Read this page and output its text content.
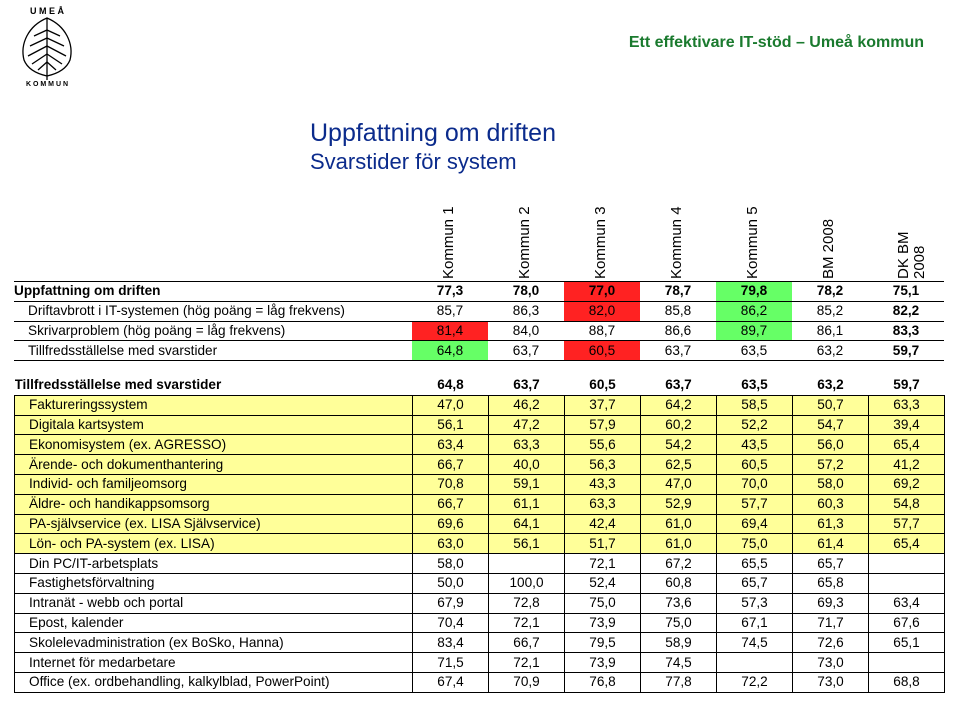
U M E Å
K O M M U N
Ett effektivare IT-stöd – Umeå kommun
Uppfattning om driften
Svarstider för system
Kommun 1	Kommun 2	Kommun 3	Kommun 4	Kommun 5	BM 2008	DK BM 2008
Uppfattning om driften	77,3	78,0	77,0	78,7	79,8	78,2	75,1
Driftavbrott i IT-systemen (hög poäng = låg frekvens)	85,7	86,3	82,0	85,8	86,2	85,2	82,2
Skrivarproblem (hög poäng = låg frekvens)	81,4	84,0	88,7	86,6	89,7	86,1	83,3
Tillfredsställelse med svarstider	64,8	63,7	60,5	63,7	63,5	63,2	59,7
Tillfredsställelse med svarstider	64,8	63,7	60,5	63,7	63,5	63,2	59,7
Faktureringssystem	47,0	46,2	37,7	64,2	58,5	50,7	63,3
Digitala kartsystem	56,1	47,2	57,9	60,2	52,2	54,7	39,4
Ekonomisystem (ex. AGRESSO)	63,4	63,3	55,6	54,2	43,5	56,0	65,4
Ärende- och dokumenthantering	66,7	40,0	56,3	62,5	60,5	57,2	41,2
Individ- och familjeomsorg	70,8	59,1	43,3	47,0	70,0	58,0	69,2
Äldre- och handikappsomsorg	66,7	61,1	63,3	52,9	57,7	60,3	54,8
PA-självservice (ex. LISA Självservice)	69,6	64,1	42,4	61,0	69,4	61,3	57,7
Lön- och PA-system (ex. LISA)	63,0	56,1	51,7	61,0	75,0	61,4	65,4
Din PC/IT-arbetsplats	58,0		72,1	67,2	65,5	65,7	
Fastighetsförvaltning	50,0	100,0	52,4	60,8	65,7	65,8	
Intranät - webb och portal	67,9	72,8	75,0	73,6	57,3	69,3	63,4
Epost, kalender	70,4	72,1	73,9	75,0	67,1	71,7	67,6
Skolelevadministration (ex BoSko, Hanna)	83,4	66,7	79,5	58,9	74,5	72,6	65,1
Internet för medarbetare	71,5	72,1	73,9	74,5		73,0	
Office (ex. ordbehandling, kalkylblad, PowerPoint)	67,4	70,9	76,8	77,8	72,2	73,0	68,8
